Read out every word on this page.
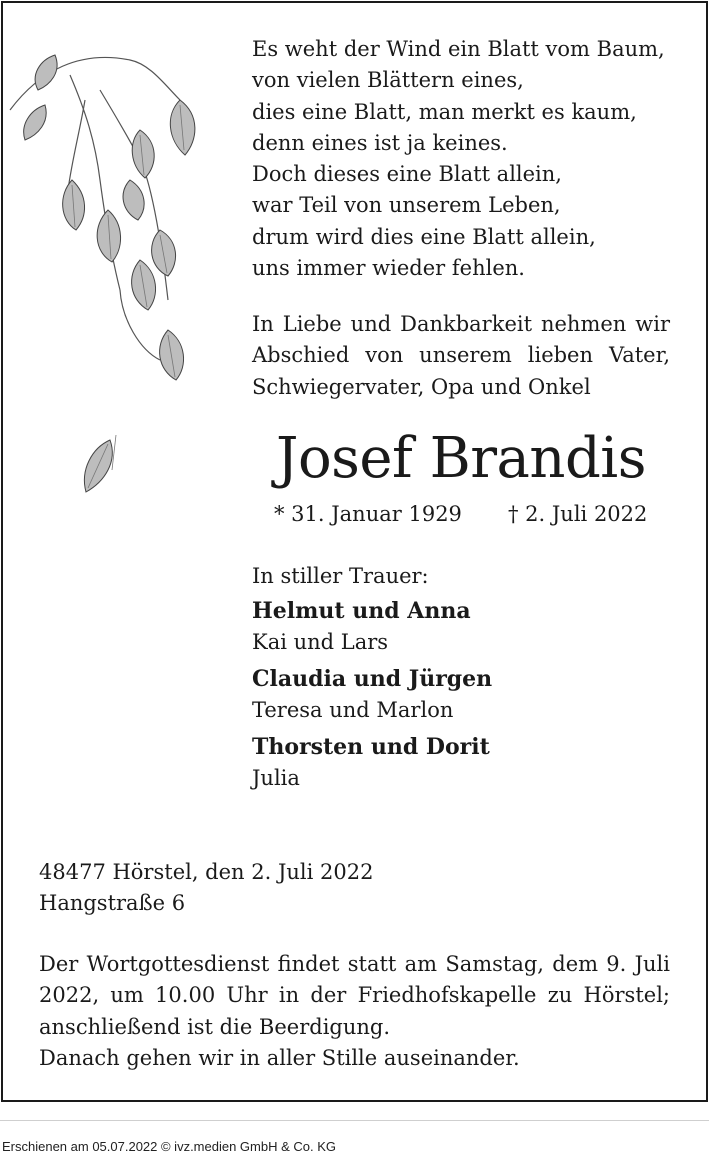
Es weht der Wind ein Blatt vom Baum,
von vielen Blättern eines,
dies eine Blatt, man merkt es kaum,
denn eines ist ja keines.
Doch dieses eine Blatt allein,
war Teil von unserem Leben,
drum wird dies eine Blatt allein,
uns immer wieder fehlen.
In Liebe und Dankbarkeit nehmen wir
Abschied von unserem lieben Vater,
Schwiegervater, Opa und Onkel
Josef Brandis
* 31. Januar 1929 † 2. Juli 2022
In stiller Trauer:
Helmut und Anna
Kai und Lars
Claudia und Jürgen
Teresa und Marlon
Thorsten und Dorit
Julia
48477 Hörstel, den 2. Juli 2022
Hangstraße 6
Der Wortgottesdienst findet statt am Samstag, dem 9. Juli
2022, um 10.00 Uhr in der Friedhofskapelle zu Hörstel;
anschließend ist die Beerdigung.
Danach gehen wir in aller Stille auseinander.
Erschienen am 05.07.2022 © ivz.medien GmbH & Co. KG
